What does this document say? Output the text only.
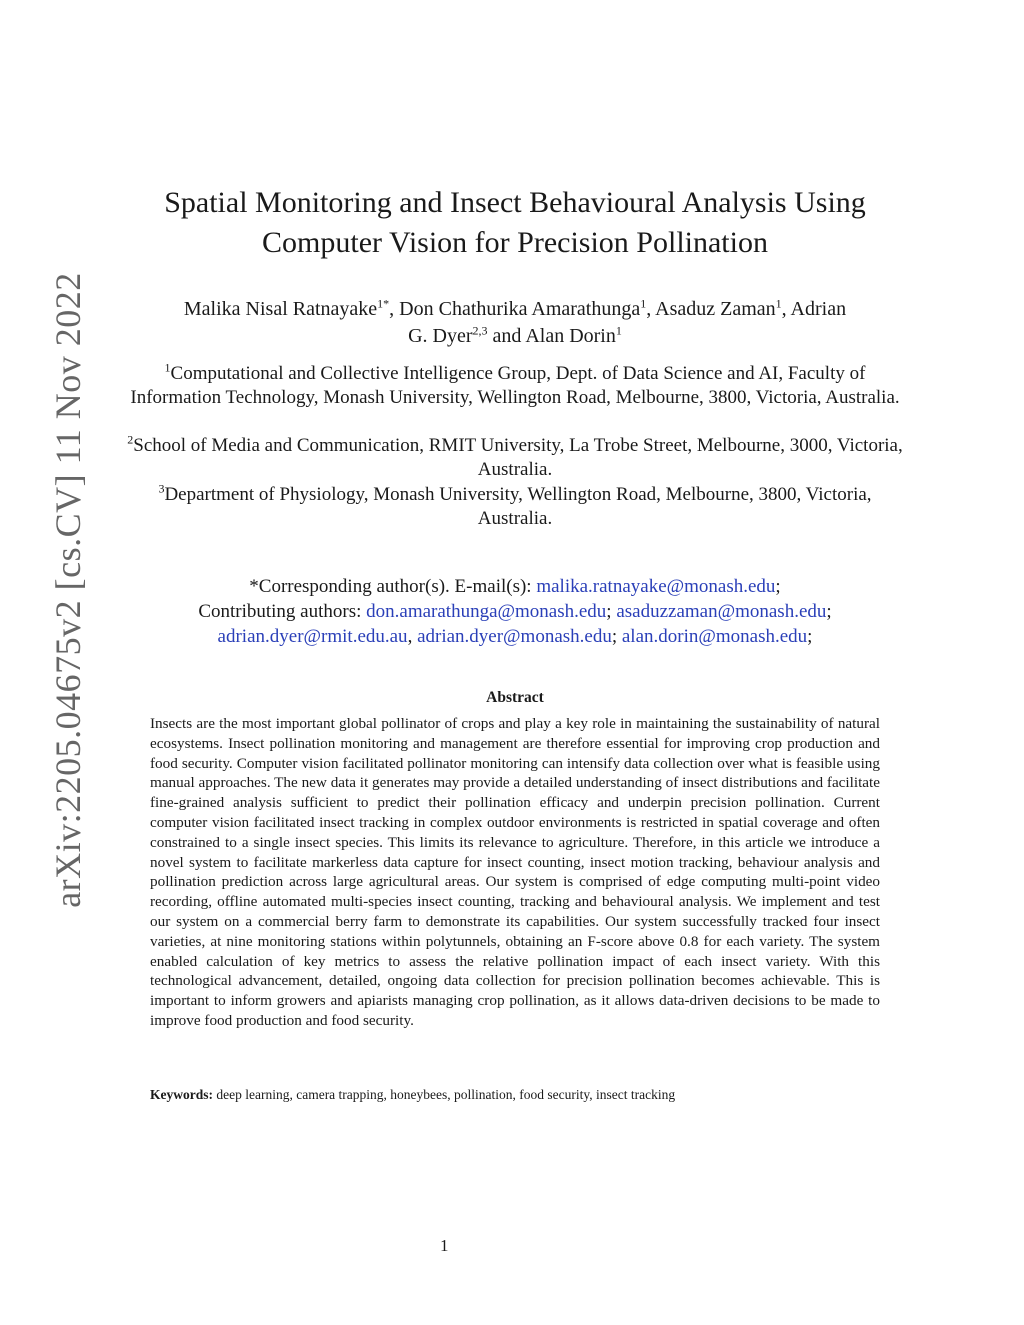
arXiv:2205.04675v2 [cs.CV] 11 Nov 2022
Spatial Monitoring and Insect Behavioural Analysis Using
Computer Vision for Precision Pollination
Malika Nisal Ratnayake$^{1*}$, Don Chathurika Amarathunga$^1$, Asaduz Zaman$^1$, Adrian
G. Dyer$^{2,3}$ and Alan Dorin$^1$
$^1$Computational and Collective Intelligence Group, Dept. of Data Science and AI, Faculty of Information Technology, Monash University, Wellington Road, Melbourne, 3800, Victoria, Australia.
$^2$School of Media and Communication, RMIT University, La Trobe Street, Melbourne, 3000, Victoria, Australia.
$^3$Department of Physiology, Monash University, Wellington Road, Melbourne, 3800, Victoria, Australia.
*Corresponding author(s). E-mail(s): malika.ratnayake@monash.edu;
Contributing authors: don.amarathunga@monash.edu; asaduzzaman@monash.edu;
adrian.dyer@rmit.edu.au, adrian.dyer@monash.edu; alan.dorin@monash.edu;
Abstract
Insects are the most important global pollinator of crops and play a key role in maintaining the sustainability of natural ecosystems. Insect pollination monitoring and management are therefore essential for improving crop production and food security. Computer vision facilitated pollinator monitoring can intensify data collection over what is feasible using manual approaches. The new data it generates may provide a detailed understanding of insect distributions and facilitate fine-grained analysis sufficient to predict their pollination efficacy and underpin precision pollination. Current computer vision facilitated insect tracking in complex outdoor environments is restricted in spatial coverage and often constrained to a single insect species. This limits its relevance to agriculture. Therefore, in this article we introduce a novel system to facilitate markerless data capture for insect counting, insect motion tracking, behaviour analysis and pollination prediction across large agricultural areas. Our system is comprised of edge computing multi-point video recording, offline automated multi-species insect counting, tracking and behavioural analysis. We implement and test our system on a commercial berry farm to demonstrate its capabilities. Our system successfully tracked four insect varieties, at nine monitoring stations within polytunnels, obtaining an F-score above 0.8 for each variety. The system enabled calculation of key metrics to assess the relative pollination impact of each insect variety. With this technological advancement, detailed, ongoing data collection for precision pollination becomes achievable. This is important to inform growers and apiarists managing crop pollination, as it allows data-driven decisions to be made to improve food production and food security.
Keywords: deep learning, camera trapping, honeybees, pollination, food security, insect tracking
1
